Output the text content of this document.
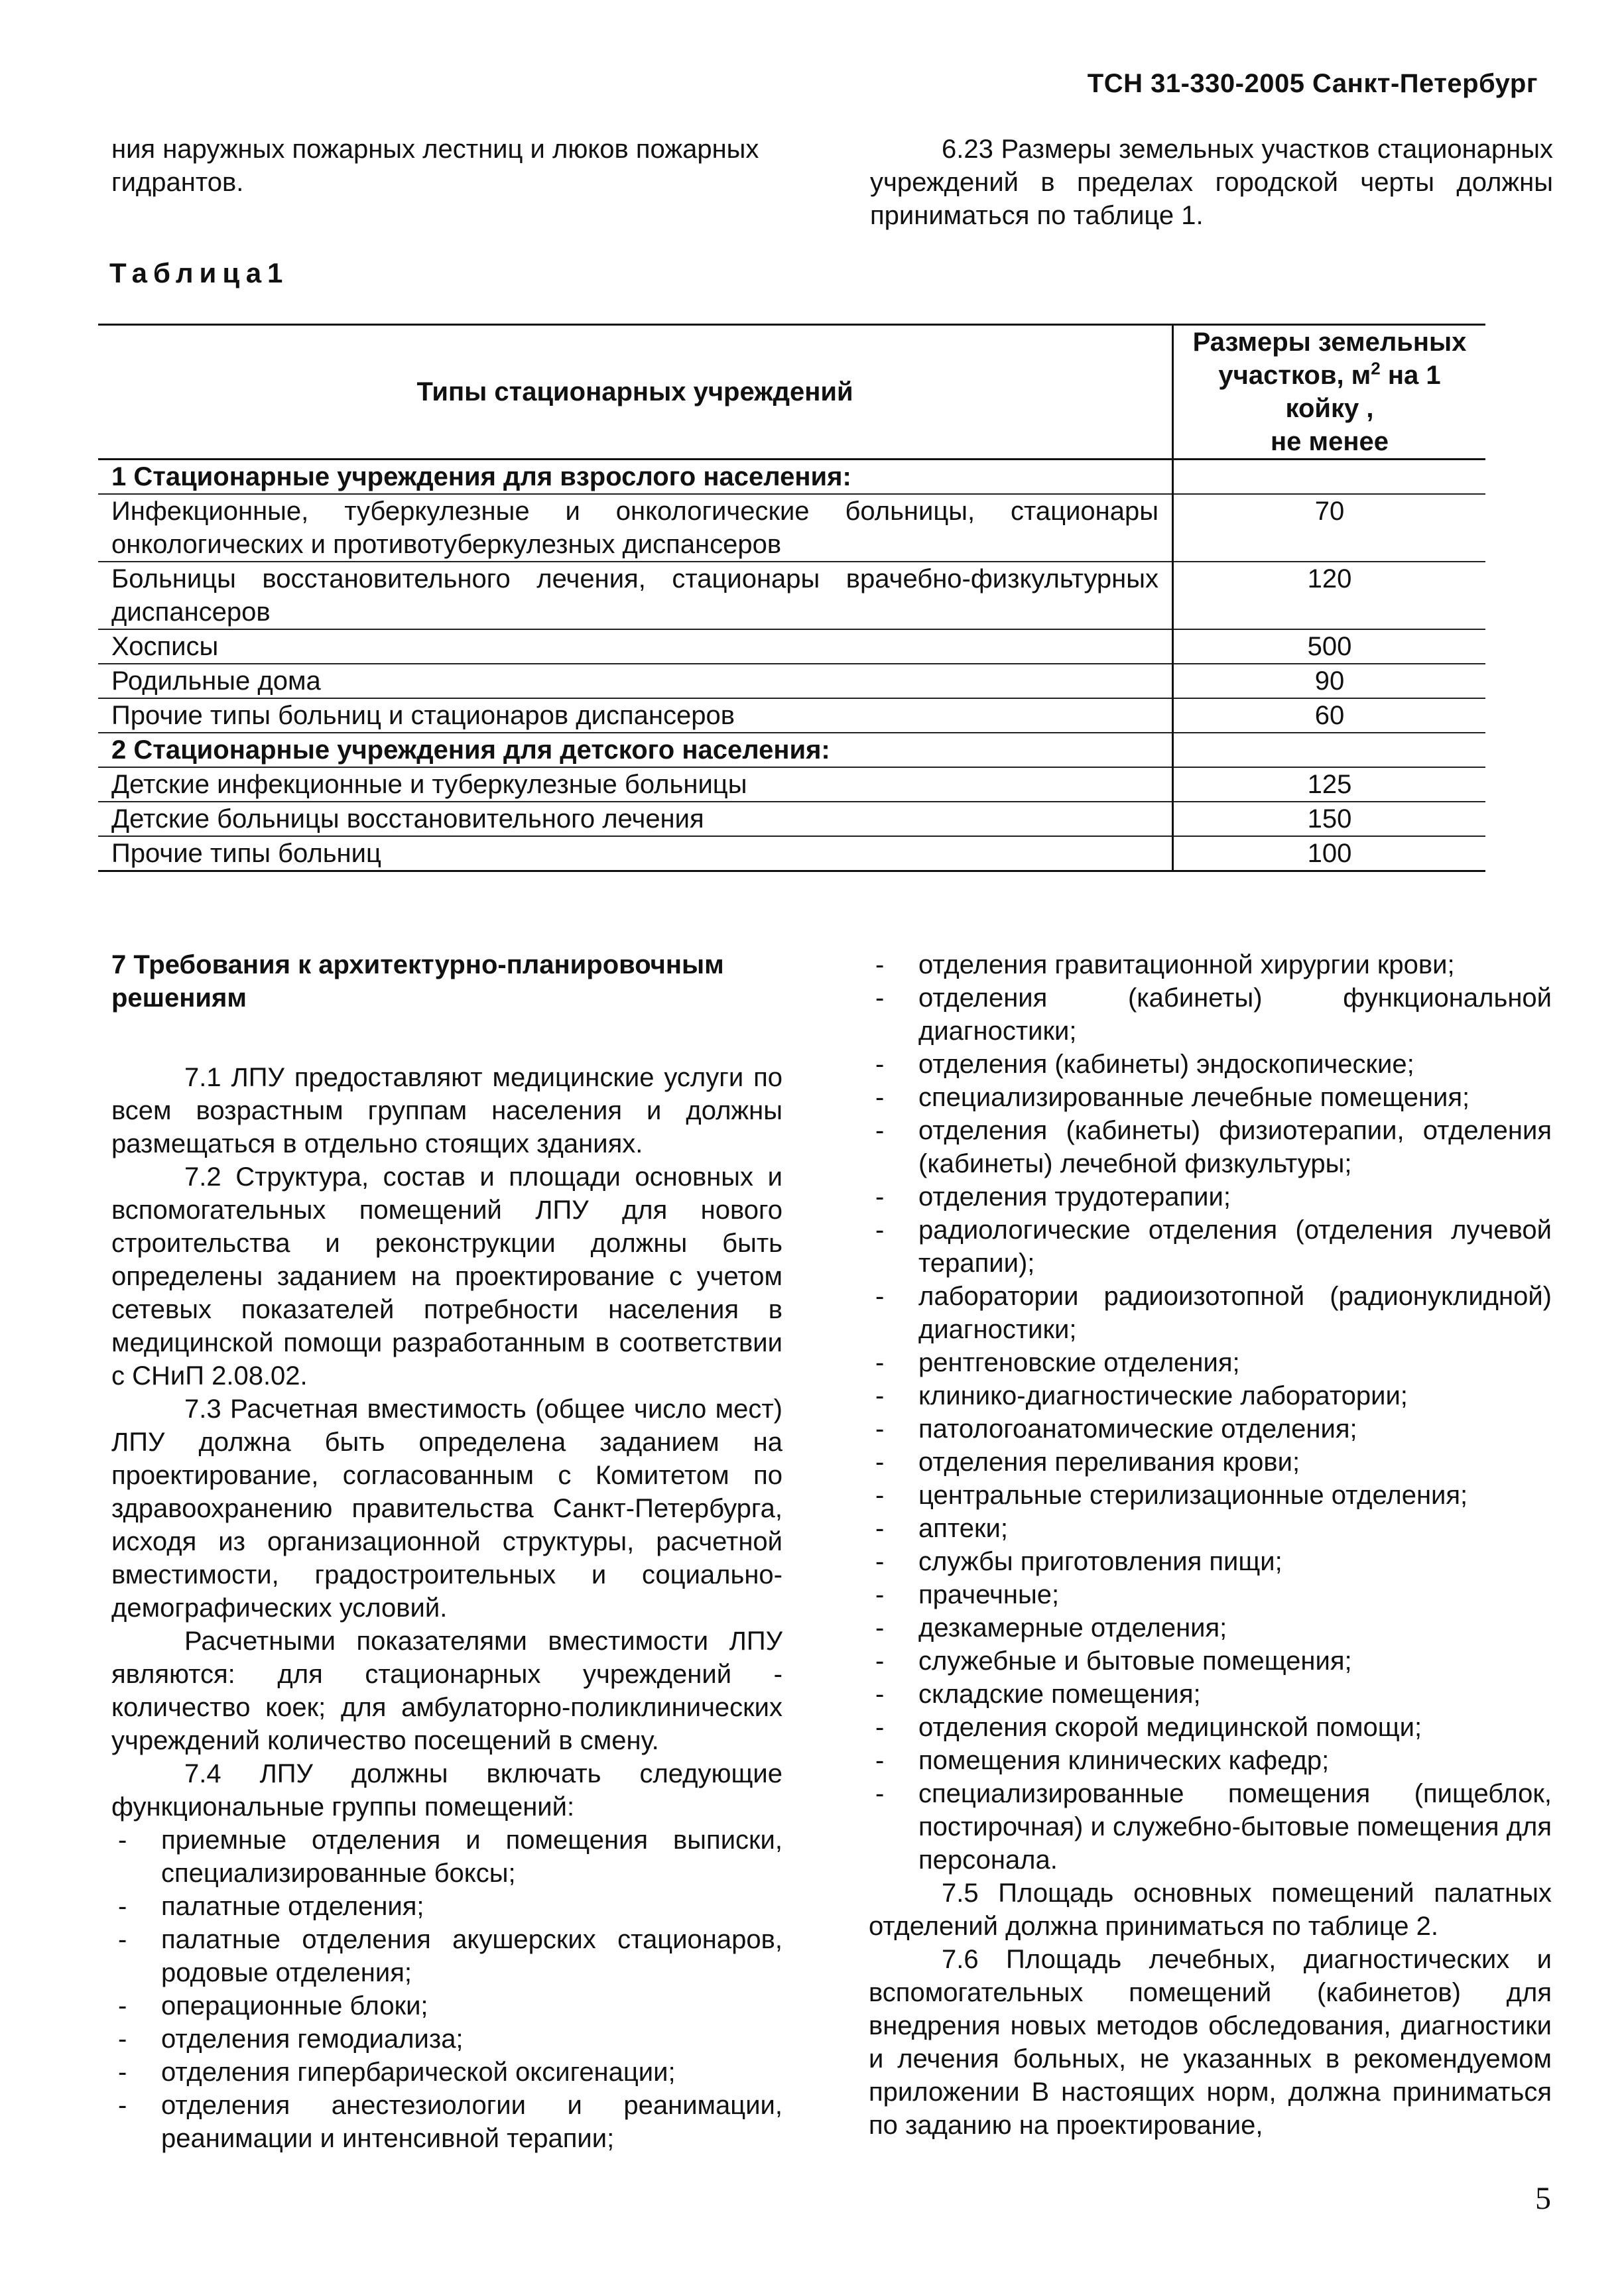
ТСН 31-330-2005 Санкт-Петербург

ния наружных пожарных лестниц и люков пожарных гидрантов.

6.23 Размеры земельных участков стационарных учреждений в пределах городской черты должны приниматься по таблице 1.

Таблица1
Типы стационарных учреждений	Размеры земельных участков, $м^2$ на 1 койку ,
не менее
1 Стационарные учреждения для взрослого населения:	
Инфекционные, туберкулезные и онкологические больницы, стационары онкологических и противотуберкулезных диспансеров	70
Больницы восстановительного лечения, стационары врачебно-физкультурных диспансеров	120
Хосписы	500
Родильные дома	90
Прочие типы больниц и стационаров диспансеров	60
2 Стационарные учреждения для детского населения:	
Детские инфекционные и туберкулезные больницы	125
Детские больницы восстановительного лечения	150
Прочие типы больниц	100

7 Требования к архитектурно-планировочным решениям

7.1 ЛПУ предоставляют медицинские услуги по всем возрастным группам населения и должны размещаться в отдельно стоящих зданиях.

7.2 Структура, состав и площади основных и вспомогательных помещений ЛПУ для нового строительства и реконструкции должны быть определены заданием на проектирование с учетом сетевых показателей потребности населения в медицинской помощи разработанным в соответствии с СНиП 2.08.02.

7.3 Расчетная вместимость (общее число мест) ЛПУ должна быть определена заданием на проектирование, согласованным с Комитетом по здравоохранению правительства Санкт-Петербурга, исходя из организационной структуры, расчетной вместимости, градостроительных и социально-демографических условий.

Расчетными показателями вместимости ЛПУ являются: для стационарных учреждений - количество коек; для амбулаторно-поликлинических учреждений количество посещений в смену.

7.4 ЛПУ должны включать следующие функциональные группы помещений:

- приемные отделения и помещения выписки, специализированные боксы;
- палатные отделения;
- палатные отделения акушерских стационаров, родовые отделения;
- операционные блоки;
- отделения гемодиализа;
- отделения гипербарической оксигенации;
- отделения анестезиологии и реанимации, реанимации и интенсивной терапии;
- отделения гравитационной хирургии крови;
- отделения (кабинеты) функциональной диагностики;
- отделения (кабинеты) эндоскопические;
- специализированные лечебные помещения;
- отделения (кабинеты) физиотерапии, отделения (кабинеты) лечебной физкультуры;
- отделения трудотерапии;
- радиологические отделения (отделения лучевой терапии);
- лаборатории радиоизотопной (радионуклидной) диагностики;
- рентгеновские отделения;
- клинико-диагностические лаборатории;
- патологоанатомические отделения;
- отделения переливания крови;
- центральные стерилизационные отделения;
- аптеки;
- службы приготовления пищи;
- прачечные;
- дезкамерные отделения;
- служебные и бытовые помещения;
- складские помещения;
- отделения скорой медицинской помощи;
- помещения клинических кафедр;
- специализированные помещения (пищеблок, постирочная) и служебно-бытовые помещения для персонала.

7.5 Площадь основных помещений палатных отделений должна приниматься по таблице 2.

7.6 Площадь лечебных, диагностических и вспомогательных помещений (кабинетов) для внедрения новых методов обследования, диагностики и лечения больных, не указанных в рекомендуемом приложении В настоящих норм, должна приниматься по заданию на проектирование,

5
